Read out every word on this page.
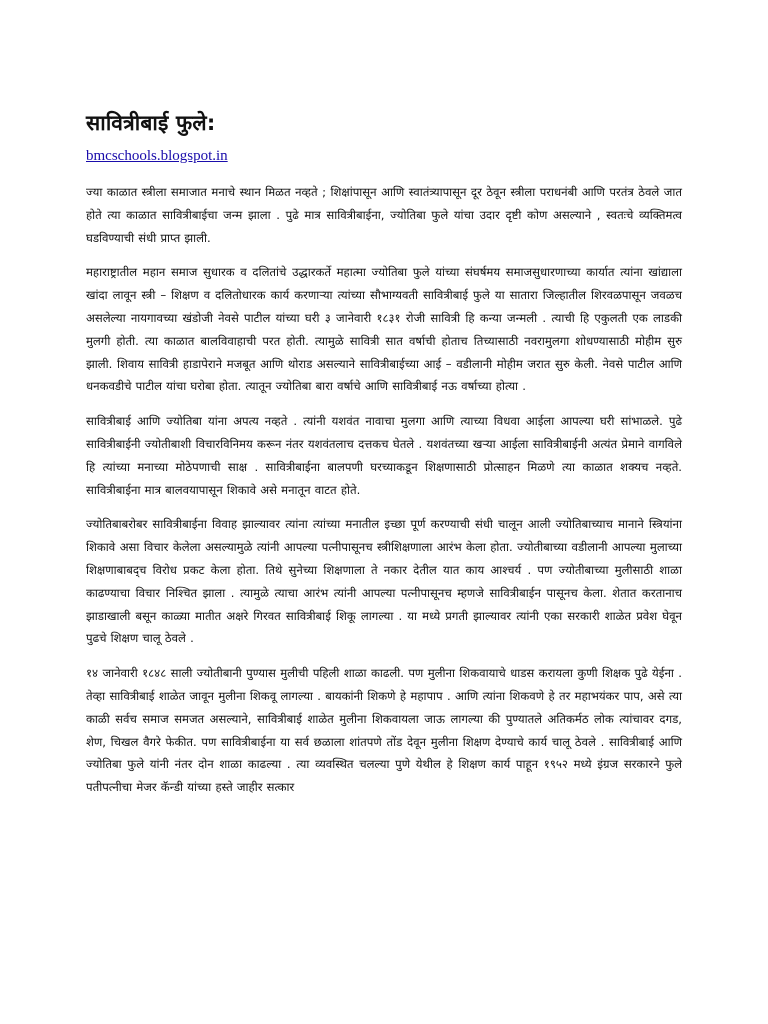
सावित्रीबाई फुले:
bmcschools.blogspot.in

ज्या काळात स्त्रीला समाजात मनाचे स्थान मिळत नव्हते ; शिक्षांपासून आणि स्वातंत्र्यापासून दूर ठेवून स्त्रीला पराधनंबी आणि परतंत्र ठेवले जात होते त्या काळात सावित्रीबाईचा जन्म झाला . पुढे मात्र सावित्रीबाईना, ज्योतिबा फुले यांचा उदार दृष्टी कोण असल्याने , स्वतःचे व्यक्तिमत्व घडविण्याची संधी प्राप्त झाली.

महाराष्ट्रातील महान समाज सुधारक व दलितांचे उद्धारकर्ते महात्मा ज्योतिबा फुले यांच्या संघर्षमय समाजसुधारणाच्या कार्यात त्यांना खांद्याला खांदा लावून स्त्री – शिक्षण व दलितोधारक कार्य करणाऱ्या त्यांच्या सौभाग्यवती सावित्रीबाई फुले या सातारा जिल्हातील शिरवळपासून जवळच असलेल्या नायगावच्या खंडोजी नेवसे पाटील यांच्या घरी ३ जानेवारी १८३१ रोजी सावित्री हि कन्या जन्मली . त्याची हि एकुलती एक लाडकी मुलगी होती. त्या काळात बालविवाहाची परत होती. त्यामुळे सावित्री सात वर्षाची होताच तिच्यासाठी नवरामुलगा शोधण्यासाठी मोहीम सुरु झाली. शिवाय सावित्री हाडापेराने मजबूत आणि थोराड असल्याने सावित्रीबाईच्या आई – वडीलानी मोहीम जरात सुरु केली. नेवसे पाटील आणि धनकवडीचे पाटील यांचा घरोबा होता. त्यातून ज्योतिबा बारा वर्षाचे आणि सावित्रीबाई नऊ वर्षाच्या होत्या .

सावित्रीबाई आणि ज्योतिबा यांना अपत्य नव्हते . त्यांनी यशवंत नावाचा मुलगा आणि त्याच्या विधवा आईला आपल्या घरी सांभाळले. पुढे सावित्रीबाईनी ज्योतीबाशी विचारविनिमय करून नंतर यशवंतलाच दत्तकच घेतले . यशवंतच्या खऱ्या आईला सावित्रीबाईनी अत्यंत प्रेमाने वागविले हि त्यांच्या मनाच्या मोठेपणाची साक्ष . सावित्रीबाईना बालपणी घरच्याकडून शिक्षणासाठी प्रोत्साहन मिळणे त्या काळात शक्यच नव्हते. सावित्रीबाईना मात्र बालवयापासून शिकावे असे मनातून वाटत होते.

ज्योतिबाबरोबर सावित्रीबाईना विवाह झाल्यावर त्यांना त्यांच्या मनातील इच्छा पूर्ण करण्याची संधी चालून आली ज्योतिबाच्याच मानाने स्त्रियांना शिकावे असा विचार केलेला असल्यामुळे त्यांनी आपल्या पत्नीपासूनच स्त्रीशिक्षणाला आरंभ केला होता. ज्योतीबाच्या वडीलानी आपल्या मुलाच्या शिक्षणाबाबद्च विरोध प्रकट केला होता. तिथे सुनेच्या शिक्षणाला ते नकार देतील यात काय आश्चर्य . पण ज्योतीबाच्या मुलीसाठी शाळा काढण्याचा विचार निश्चित झाला . त्यामुळे त्याचा आरंभ त्यांनी आपल्या पत्नीपासूनच म्हणजे सावित्रीबाईन पासूनच केला. शेतात करतानाच झाडाखाली बसून काळ्या मातीत अक्षरे गिरवत सावित्रीबाई शिकू लागल्या . या मध्ये प्रगती झाल्यावर त्यांनी एका सरकारी शाळेत प्रवेश घेवून पुढचे शिक्षण चालू ठेवले .

१४ जानेवारी १८४८ साली ज्योतीबानी पुण्यास मुलीची पहिली शाळा काढली. पण मुलीना शिकवायाचे धाडस करायला कुणी शिक्षक पुढे येईना . तेव्हा सावित्रीबाई शाळेत जावून मुलीना शिकवू लागल्या . बायकांनी शिकणे हे महापाप . आणि त्यांना शिकवणे हे तर महाभयंकर पाप, असे त्या काळी सर्वच समाज समजत असल्याने, सावित्रीबाई शाळेत मुलीना शिकवायला जाऊ लागल्या की पुण्यातले अतिकर्मठ लोक त्यांचावर दगड, शेण, चिखल वैगरे फेकीत. पण सावित्रीबाईना या सर्व छळाला शांतपणे तोंड देवून मुलीना शिक्षण देण्याचे कार्य चालू ठेवले . सावित्रीबाई आणि ज्योतिबा फुले यांनी नंतर दोन शाळा काढल्या . त्या व्यवस्थित चलल्या पुणे येथील हे शिक्षण कार्य पाहून १९५२ मध्ये इंग्रज सरकारने फुले पतीपत्नीचा मेजर कॅन्डी यांच्या हस्ते जाहीर सत्कार
